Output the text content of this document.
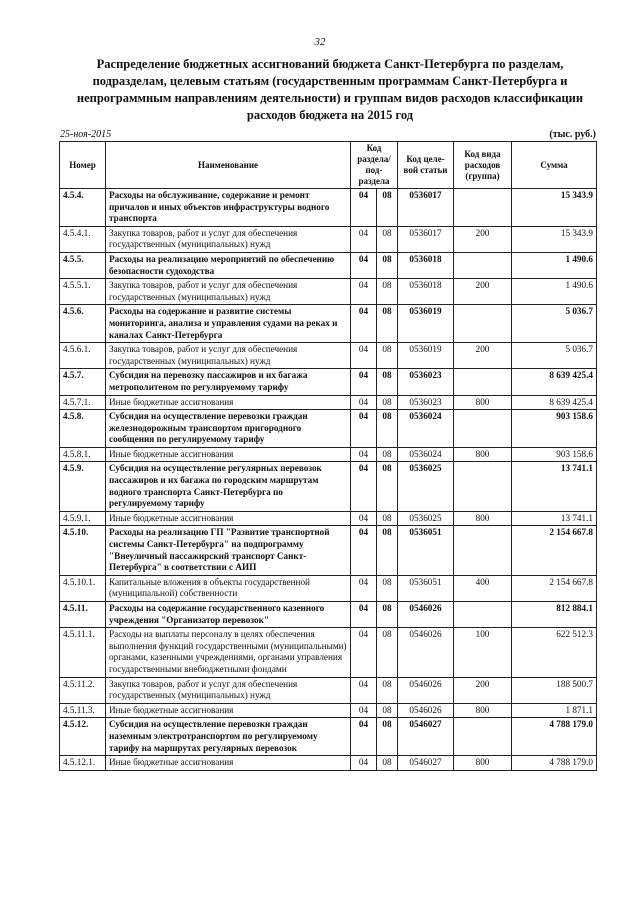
32
Распределение бюджетных ассигнований бюджета Санкт-Петербурга по разделам, подразделам, целевым статьям (государственным программам Санкт-Петербурга и непрограммным направлениям деятельности) и группам видов расходов классификации расходов бюджета на 2015 год
25-ноя-2015	(тыс. руб.)
Номер	Наименование	Код раздела/ под- раздела		Код целе- вой статьи	Код вида расходов (группа)	Сумма
4.5.4.	Расходы на обслуживание, содержание и ремонт причалов и иных объектов инфраструктуры водного транспорта	04	08	0536017		15 343.9
4.5.4.1.	Закупка товаров, работ и услуг для обеспечения государственных (муниципальных) нужд	04	08	0536017	200	15 343.9
4.5.5.	Расходы на реализацию мероприятий по обеспечению безопасности судоходства	04	08	0536018		1 490.6
4.5.5.1.	Закупка товаров, работ и услуг для обеспечения государственных (муниципальных) нужд	04	08	0536018	200	1 490.6
4.5.6.	Расходы на содержание и развитие системы мониторинга, анализа и управления судами на реках и каналах Санкт-Петербурга	04	08	0536019		5 036.7
4.5.6.1.	Закупка товаров, работ и услуг для обеспечения государственных (муниципальных) нужд	04	08	0536019	200	5 036.7
4.5.7.	Субсидия на перевозку пассажиров и их багажа метрополитеном по регулируемому тарифу	04	08	0536023		8 639 425.4
4.5.7.1.	Иные бюджетные ассигнования	04	08	0536023	800	8 639 425.4
4.5.8.	Субсидия на осуществление перевозки граждан железнодорожным транспортом пригородного сообщения по регулируемому тарифу	04	08	0536024		903 158.6
4.5.8.1.	Иные бюджетные ассигнования	04	08	0536024	800	903 158.6
4.5.9.	Субсидия на осуществление регулярных перевозок пассажиров и их багажа по городским маршрутам водного транспорта Санкт-Петербурга по регулируемому тарифу	04	08	0536025		13 741.1
4.5.9.1.	Иные бюджетные ассигнования	04	08	0536025	800	13 741.1
4.5.10.	Расходы на реализацию ГП "Развитие транспортной системы Санкт-Петербурга" на подпрограмму "Внеуличный пассажирский транспорт Санкт-Петербурга" в соответствии с АИП	04	08	0536051		2 154 667.8
4.5.10.1.	Капитальные вложения в объекты государственной (муниципальной) собственности	04	08	0536051	400	2 154 667.8
4.5.11.	Расходы на содержание государственного казенного учреждения "Организатор перевозок"	04	08	0546026		812 884.1
4.5.11.1.	Расходы на выплаты персоналу в целях обеспечения выполнения функций государственными (муниципальными) органами, казенными учреждениями, органами управления государственными внебюджетными фондами	04	08	0546026	100	622 512.3
4.5.11.2.	Закупка товаров, работ и услуг для обеспечения государственных (муниципальных) нужд	04	08	0546026	200	188 500.7
4.5.11.3.	Иные бюджетные ассигнования	04	08	0546026	800	1 871.1
4.5.12.	Субсидия на осуществление перевозки граждан наземным электротранспортом по регулируемому тарифу на маршрутах регулярных перевозок	04	08	0546027		4 788 179.0
4.5.12.1.	Иные бюджетные ассигнования	04	08	0546027	800	4 788 179.0
